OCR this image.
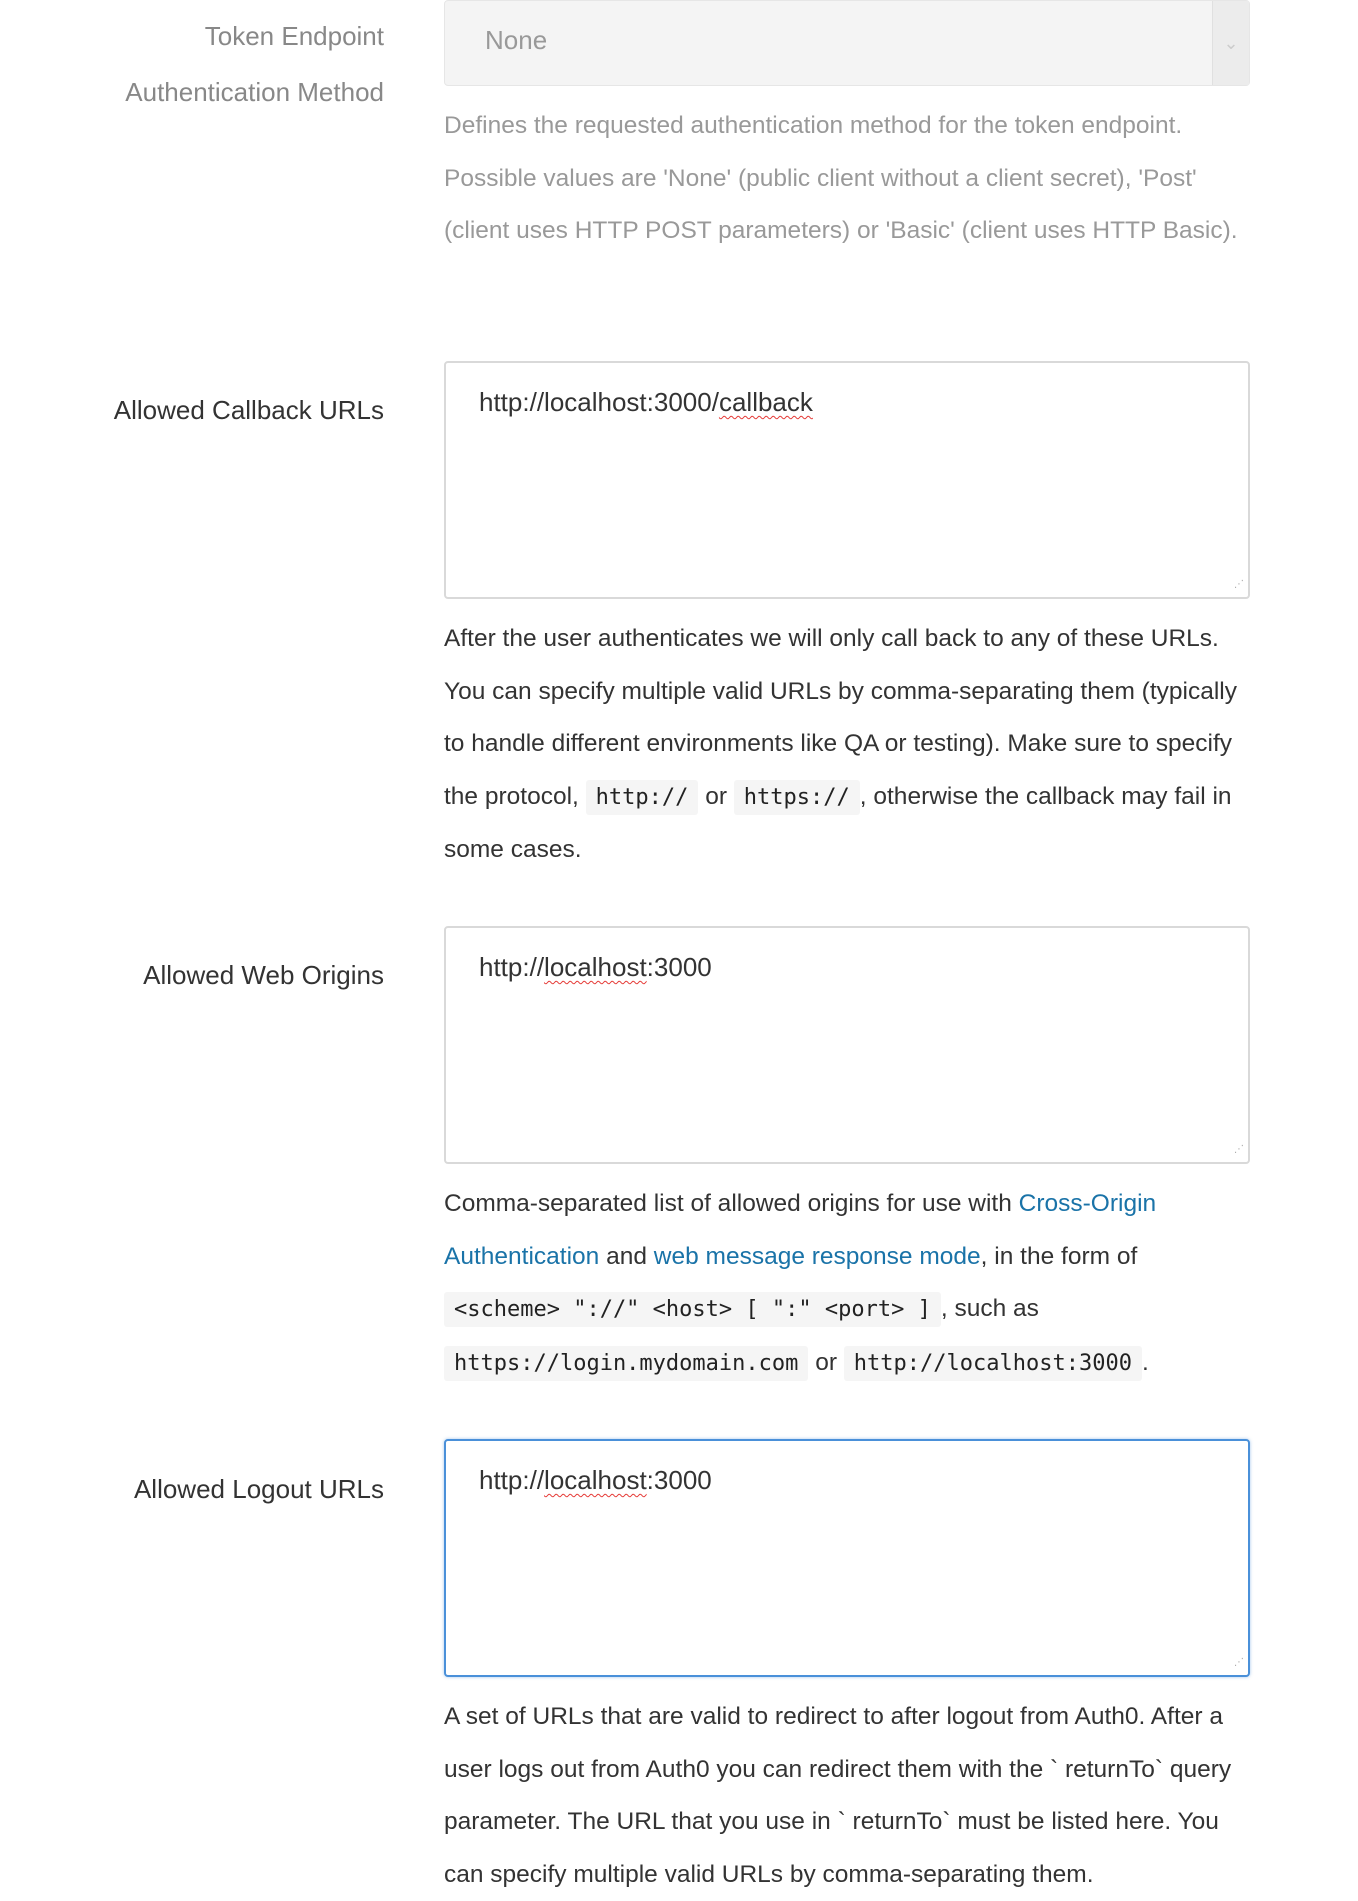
Token Endpoint
Authentication Method
None	⌄
Defines the requested authentication method for the token endpoint. Possible values are 'None' (public client without a client secret), 'Post' (client uses HTTP POST parameters) or 'Basic' (client uses HTTP Basic).
Allowed Callback URLs	http://localhost:3000/callback
⋰
After the user authenticates we will only call back to any of these URLs. You can specify multiple valid URLs by comma-separating them (typically to handle different environments like QA or testing). Make sure to specify the protocol, http:// or https:// , otherwise the callback may fail in some cases.
Allowed Web Origins	http://localhost:3000
⋰
Comma-separated list of allowed origins for use with Cross-Origin Authentication and web message response mode, in the form of <scheme> "://" <host> [ ":" <port> ] , such as https://login.mydomain.com or http://localhost:3000 .
Allowed Logout URLs	http://localhost:3000
⋰
A set of URLs that are valid to redirect to after logout from Auth0. After a user logs out from Auth0 you can redirect them with the ` returnTo` query parameter. The URL that you use in ` returnTo` must be listed here. You can specify multiple valid URLs by comma-separating them.
